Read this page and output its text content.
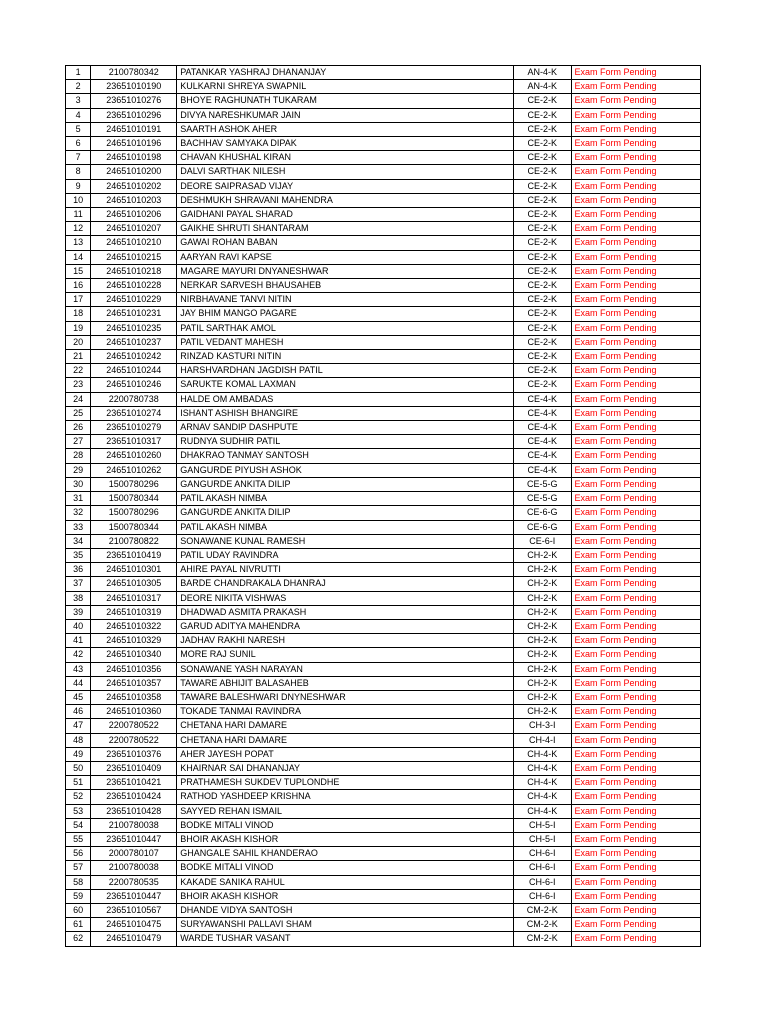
1	2100780342	PATANKAR YASHRAJ DHANANJAY	AN-4-K	Exam Form Pending
2	23651010190	KULKARNI SHREYA SWAPNIL	AN-4-K	Exam Form Pending
3	23651010276	BHOYE RAGHUNATH TUKARAM	CE-2-K	Exam Form Pending
4	23651010296	DIVYA NARESHKUMAR JAIN	CE-2-K	Exam Form Pending
5	24651010191	SAARTH ASHOK AHER	CE-2-K	Exam Form Pending
6	24651010196	BACHHAV SAMYAKA DIPAK	CE-2-K	Exam Form Pending
7	24651010198	CHAVAN KHUSHAL KIRAN	CE-2-K	Exam Form Pending
8	24651010200	DALVI SARTHAK NILESH	CE-2-K	Exam Form Pending
9	24651010202	DEORE SAIPRASAD VIJAY	CE-2-K	Exam Form Pending
10	24651010203	DESHMUKH SHRAVANI MAHENDRA	CE-2-K	Exam Form Pending
11	24651010206	GAIDHANI PAYAL SHARAD	CE-2-K	Exam Form Pending
12	24651010207	GAIKHE SHRUTI SHANTARAM	CE-2-K	Exam Form Pending
13	24651010210	GAWAI ROHAN BABAN	CE-2-K	Exam Form Pending
14	24651010215	AARYAN RAVI KAPSE	CE-2-K	Exam Form Pending
15	24651010218	MAGARE MAYURI DNYANESHWAR	CE-2-K	Exam Form Pending
16	24651010228	NERKAR SARVESH BHAUSAHEB	CE-2-K	Exam Form Pending
17	24651010229	NIRBHAVANE TANVI NITIN	CE-2-K	Exam Form Pending
18	24651010231	JAY BHIM MANGO PAGARE	CE-2-K	Exam Form Pending
19	24651010235	PATIL SARTHAK AMOL	CE-2-K	Exam Form Pending
20	24651010237	PATIL VEDANT MAHESH	CE-2-K	Exam Form Pending
21	24651010242	RINZAD KASTURI NITIN	CE-2-K	Exam Form Pending
22	24651010244	HARSHVARDHAN JAGDISH PATIL	CE-2-K	Exam Form Pending
23	24651010246	SARUKTE KOMAL LAXMAN	CE-2-K	Exam Form Pending
24	2200780738	HALDE OM AMBADAS	CE-4-K	Exam Form Pending
25	23651010274	ISHANT ASHISH BHANGIRE	CE-4-K	Exam Form Pending
26	23651010279	ARNAV SANDIP DASHPUTE	CE-4-K	Exam Form Pending
27	23651010317	RUDNYA SUDHIR PATIL	CE-4-K	Exam Form Pending
28	24651010260	DHAKRAO TANMAY SANTOSH	CE-4-K	Exam Form Pending
29	24651010262	GANGURDE PIYUSH ASHOK	CE-4-K	Exam Form Pending
30	1500780296	GANGURDE ANKITA DILIP	CE-5-G	Exam Form Pending
31	1500780344	PATIL AKASH NIMBA	CE-5-G	Exam Form Pending
32	1500780296	GANGURDE ANKITA DILIP	CE-6-G	Exam Form Pending
33	1500780344	PATIL AKASH NIMBA	CE-6-G	Exam Form Pending
34	2100780822	SONAWANE KUNAL RAMESH	CE-6-I	Exam Form Pending
35	23651010419	PATIL UDAY RAVINDRA	CH-2-K	Exam Form Pending
36	24651010301	AHIRE PAYAL NIVRUTTI	CH-2-K	Exam Form Pending
37	24651010305	BARDE CHANDRAKALA DHANRAJ	CH-2-K	Exam Form Pending
38	24651010317	DEORE NIKITA VISHWAS	CH-2-K	Exam Form Pending
39	24651010319	DHADWAD ASMITA PRAKASH	CH-2-K	Exam Form Pending
40	24651010322	GARUD ADITYA MAHENDRA	CH-2-K	Exam Form Pending
41	24651010329	JADHAV RAKHI NARESH	CH-2-K	Exam Form Pending
42	24651010340	MORE RAJ SUNIL	CH-2-K	Exam Form Pending
43	24651010356	SONAWANE YASH NARAYAN	CH-2-K	Exam Form Pending
44	24651010357	TAWARE ABHIJIT BALASAHEB	CH-2-K	Exam Form Pending
45	24651010358	TAWARE BALESHWARI DNYNESHWAR	CH-2-K	Exam Form Pending
46	24651010360	TOKADE TANMAI RAVINDRA	CH-2-K	Exam Form Pending
47	2200780522	CHETANA HARI DAMARE	CH-3-I	Exam Form Pending
48	2200780522	CHETANA HARI DAMARE	CH-4-I	Exam Form Pending
49	23651010376	AHER JAYESH POPAT	CH-4-K	Exam Form Pending
50	23651010409	KHAIRNAR SAI DHANANJAY	CH-4-K	Exam Form Pending
51	23651010421	PRATHAMESH SUKDEV TUPLONDHE	CH-4-K	Exam Form Pending
52	23651010424	RATHOD YASHDEEP KRISHNA	CH-4-K	Exam Form Pending
53	23651010428	SAYYED REHAN ISMAIL	CH-4-K	Exam Form Pending
54	2100780038	BODKE MITALI VINOD	CH-5-I	Exam Form Pending
55	23651010447	BHOIR AKASH KISHOR	CH-5-I	Exam Form Pending
56	2000780107	GHANGALE SAHIL KHANDERAO	CH-6-I	Exam Form Pending
57	2100780038	BODKE MITALI VINOD	CH-6-I	Exam Form Pending
58	2200780535	KAKADE SANIKA RAHUL	CH-6-I	Exam Form Pending
59	23651010447	BHOIR AKASH KISHOR	CH-6-I	Exam Form Pending
60	23651010567	DHANDE VIDYA SANTOSH	CM-2-K	Exam Form Pending
61	24651010475	SURYAWANSHI PALLAVI SHAM	CM-2-K	Exam Form Pending
62	24651010479	WARDE TUSHAR VASANT	CM-2-K	Exam Form Pending
